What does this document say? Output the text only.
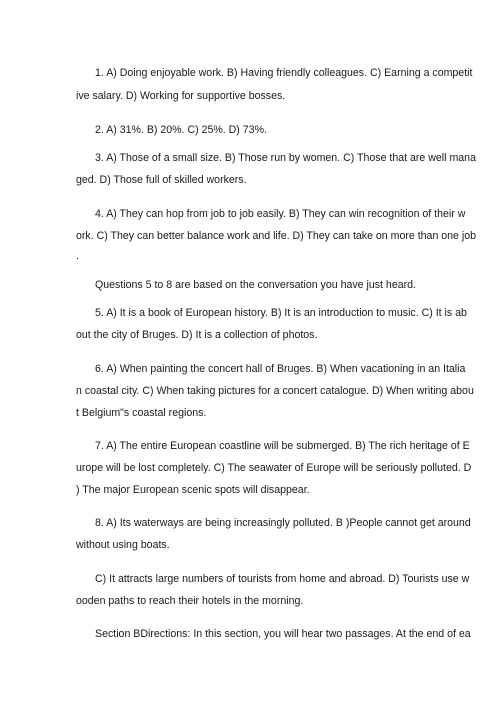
1. A) Doing enjoyable work. B) Having friendly colleagues. C) Earning a competit
ive salary. D) Working for supportive bosses.
2. A) 31%. B) 20%. C) 25%. D) 73%.
3. A) Those of a small size. B) Those run by women. C) Those that are well mana
ged. D) Those full of skilled workers.
4. A) They can hop from job to job easily. B) They can win recognition of their w
ork. C) They can better balance work and life. D) They can take on more than one job
.
Questions 5 to 8 are based on the conversation you have just heard.
5. A) It is a book of European history. B) It is an introduction to music. C) It is ab
out the city of Bruges. D) It is a collection of photos.
6. A) When painting the concert hall of Bruges. B) When vacationing in an Italia
n coastal city. C) When taking pictures for a concert catalogue. D) When writing abou
t Belgium"s coastal regions.
7. A) The entire European coastline will be submerged. B) The rich heritage of E
urope will be lost completely. C) The seawater of Europe will be seriously polluted. D
) The major European scenic spots will disappear.
8. A) Its waterways are being increasingly polluted. B )People cannot get around
without using boats.
C) It attracts large numbers of tourists from home and abroad. D) Tourists use w
ooden paths to reach their hotels in the morning.
Section BDirections: In this section, you will hear two passages. At the end of ea
